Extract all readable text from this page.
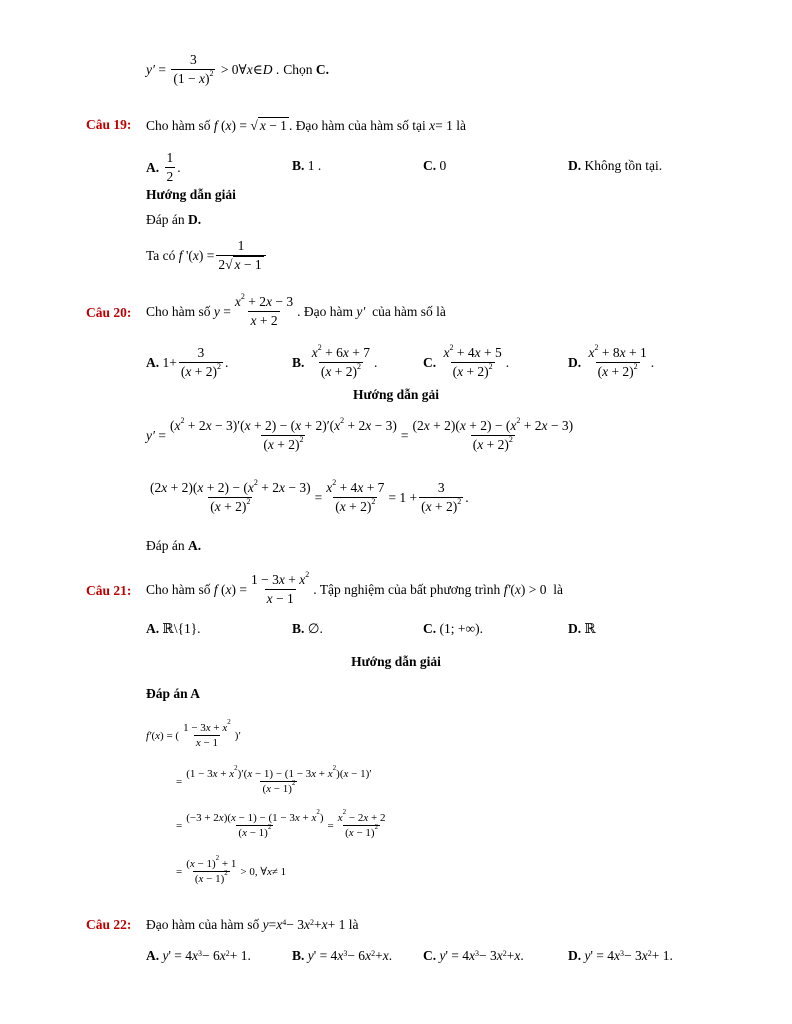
$y' = \frac{3}{(1 - x)^2}$ > 0∀ x ∈ D . Chọn
C.
Câu 19: Cho hàm số
f ( x ) = √ x − 1 . Đạo hàm của hàm số tại
x = 1 là
A.
$\frac{1}{2}$ .	B.
1 .	C.
0	D.
Không tồn tại.
Hướng dẫn giải
Đáp án D.
Ta có
f '( x ) = $\frac{1}{2√ x - 1}$
Câu 20: Cho hàm số
$y = \frac{x^2 + 2x - 3}{x + 2}$ . Đạo hàm
y′
của hàm số là
A. $1+ \frac{3}{(x + 2)^2}$ .	B.
$\frac{x^2 + 6x + 7}{(x + 2)^2}$ .	C.
$\frac{x^2 + 4x + 5}{(x + 2)^2}$ .	D.
$\frac{x^2 + 8x + 1}{(x + 2)^2}$ .
Hướng dẫn gải
$y' = \frac{(x^2 + 2x - 3)'(x + 2) - (x + 2)'(x^2 + 2x - 3)}{(x + 2)^2} = \frac{(2x + 2)(x + 2) - (x^2 + 2x - 3)}{(x + 2)^2}$
$\frac{(2x + 2)(x + 2) - (x^2 + 2x - 3)}{(x + 2)^2} = \frac{x^2 + 4x + 7}{(x + 2)^2} = 1 + \frac{3}{(x + 2)^2}$ .
Đáp án A.
Câu 21: Cho hàm số
f ( x ) = $\frac{1 - 3x + x^2}{x - 1}$ . Tập nghiệm của bất phương trình
f′ ( x ) > 0 là
A. ℝ\{1}.	B. ∅.	C. (1; +∞).	D. ℝ
Hướng dẫn giải
Đáp án A
f′ ( x ) = ( $\frac{1 - 3x + x^2}{x - 1}$ )′
= $\frac{(1 - 3x + x^2)'(x - 1) - (1 - 3x + x^2)(x - 1)'}{(x - 1)^2}$
= $\frac{(-3 + 2x)(x - 1) - (1 - 3x + x^2)}{(x - 1)^2} = \frac{x^2 - 2x + 2}{(x - 1)^2}$
= $\frac{(x - 1)^2 + 1}{(x - 1)^2} > 0$, ∀ x ≠ 1
Câu 22: Đạo hàm của hàm số
$y = x^4 - 3$ $x^2 + x + 1$ là
A.
y ' = 4 $x^3 - 6$ $x^2 + 1$.	B.
y ' = 4 $x^3 - 6$ $x^2 + x$ . C.
y ' = 4 $x^3 - 3$ $x^2 + x$ .	D.
y ' = 4 $x^3 - 3$ $x^2 + 1$.
